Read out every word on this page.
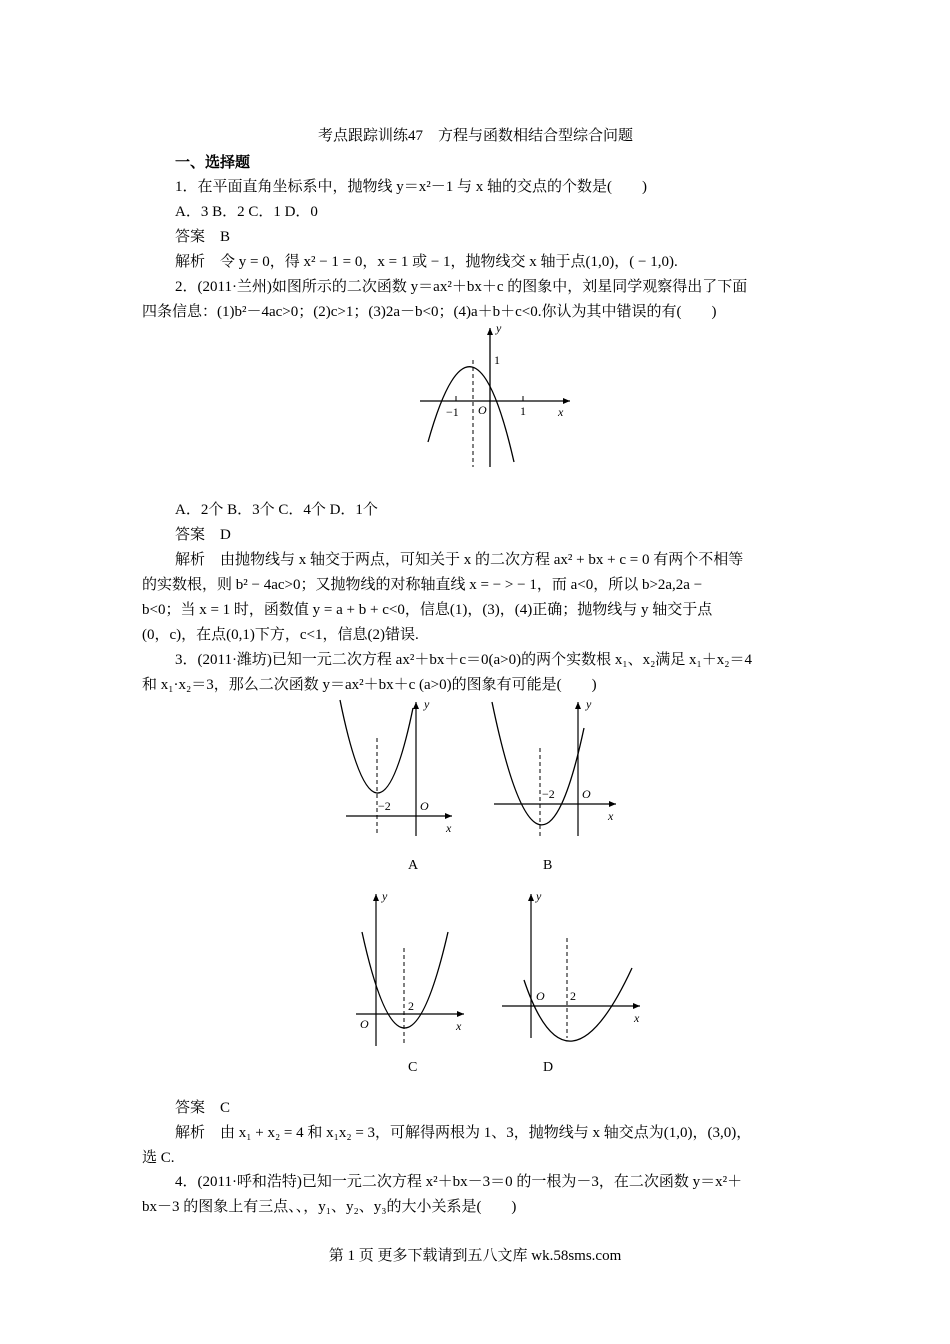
考点跟踪训练47　方程与函数相结合型综合问题
一、选择题
1．在平面直角坐标系中，抛物线 y＝x²－1 与 x 轴的交点的个数是(　　)
A．3 B．2 C．1 D．0
答案　B
解析　令 y = 0，得 x² − 1 = 0，x = 1 或 − 1，抛物线交 x 轴于点(1,0)，( − 1,0).
2．(2011·兰州)如图所示的二次函数 y＝ax²＋bx＋c 的图象中，刘星同学观察得出了下面
四条信息：(1)b²－4ac>0；(2)c>1；(3)2a－b<0；(4)a＋b＋c<0.你认为其中错误的有(　　)
y
x
1
−1 O	1
A．2个 B．3个 C．4个 D．1个
答案　D
解析　由抛物线与 x 轴交于两点，可知关于 x 的二次方程 ax² + bx + c = 0 有两个不相等
的实数根，则 b² − 4ac>0；又抛物线的对称轴直线 x = − > − 1，而 a<0，所以 b>2a,2a −
b<0；当 x = 1 时，函数值 y = a + b + c<0，信息(1)，(3)，(4)正确；抛物线与 y 轴交于点
(0，c)，在点(0,1)下方，c<1，信息(2)错误.
3．(2011·潍坊)已知一元二次方程 ax²＋bx＋c＝0(a>0)的两个实数根 x₁、x₂满足 x₁＋x₂＝4
和 x₁·x₂＝3，那么二次函数 y＝ax²＋bx＋c (a>0)的图象有可能是(　　)
y
x
O
−2
A
y
x
O
−2
B
y
x
O
2
C
y
x
O 2
D
答案　C
解析　由 x₁ + x₂ = 4 和 x₁x₂ = 3，可解得两根为 1、3，抛物线与 x 轴交点为(1,0)，(3,0)，
选 C.
4．(2011·呼和浩特)已知一元二次方程 x²＋bx－3＝0 的一根为－3，在二次函数 y＝x²＋
bx－3 的图象上有三点、、，y₁、y₂、y₃的大小关系是(　　)
第 1 页 更多下载请到五八文库 wk.58sms.com
